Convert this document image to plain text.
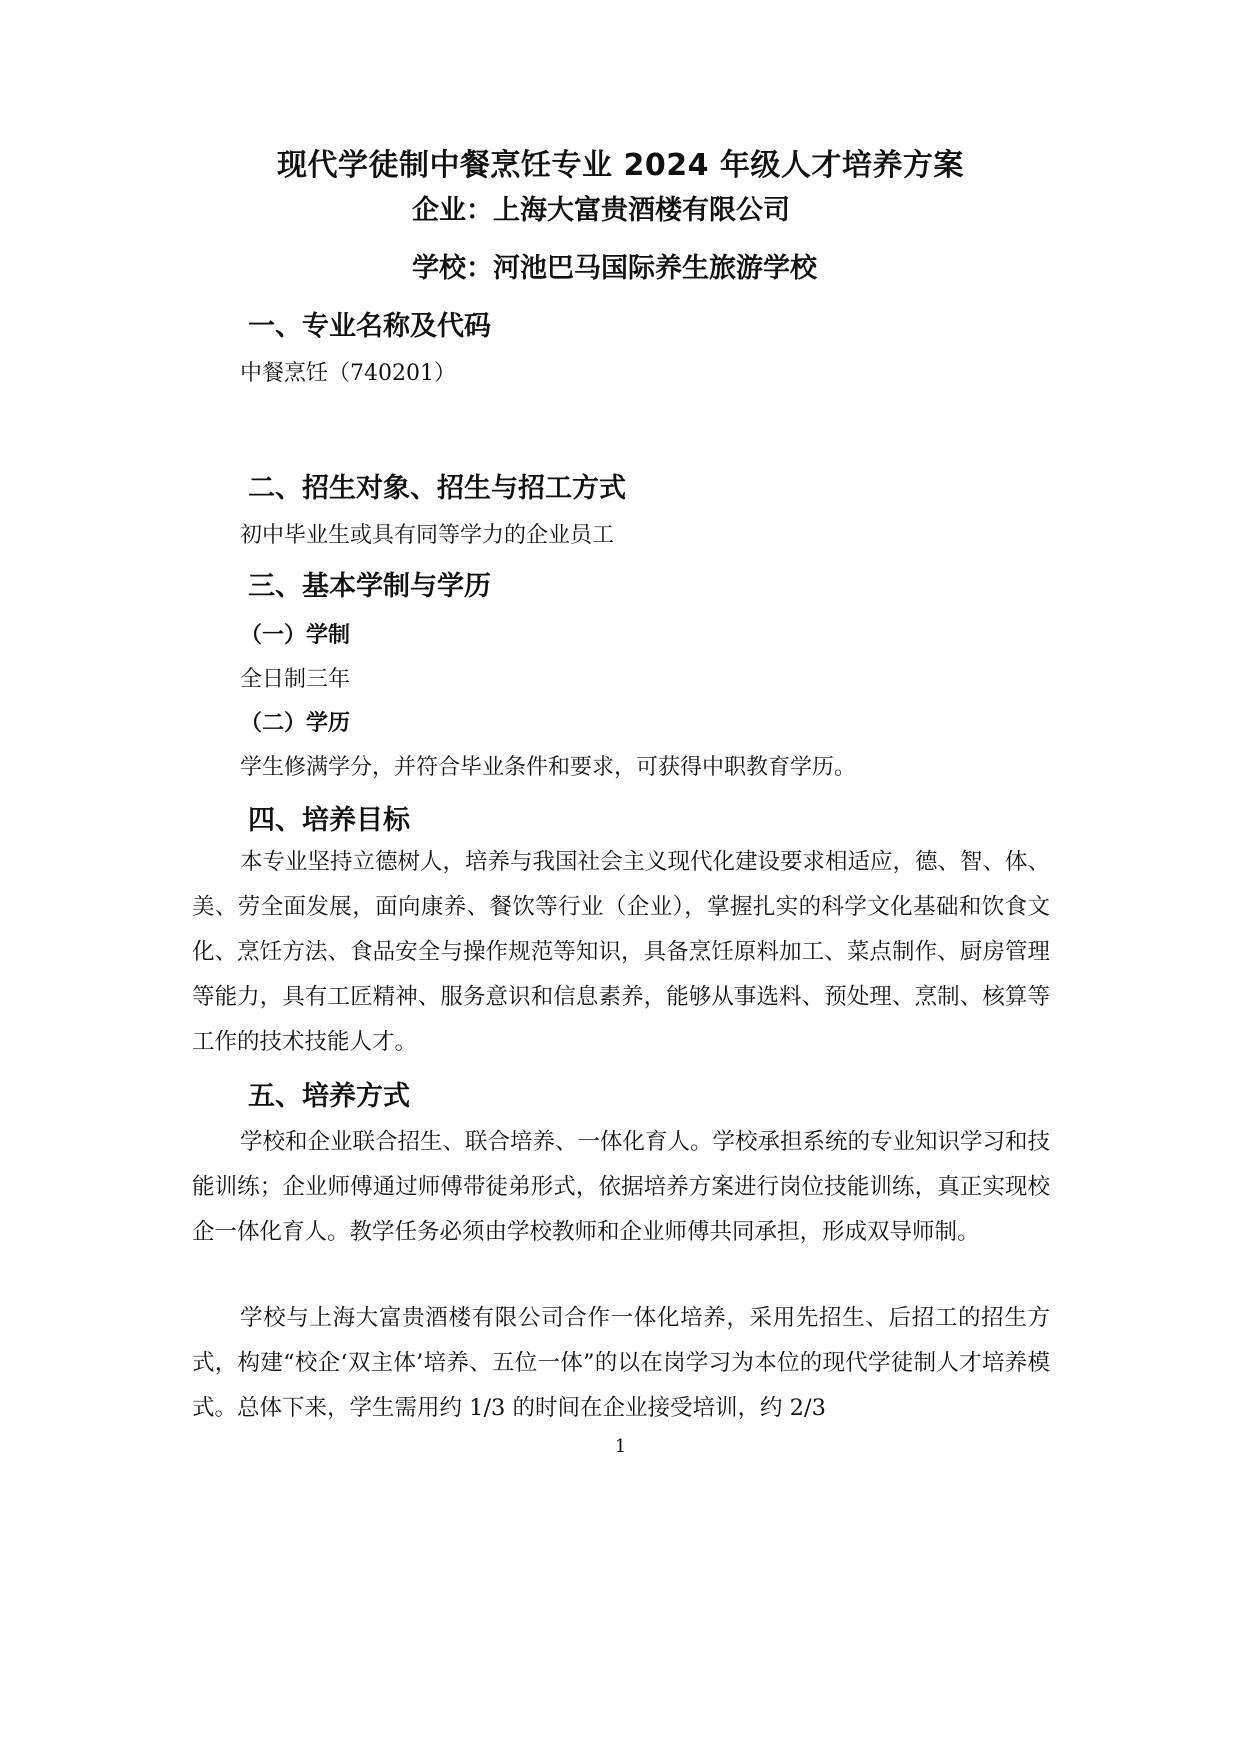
现代学徒制中餐烹饪专业 2024 年级人才培养方案
企业：上海大富贵酒楼有限公司
学校：河池巴马国际养生旅游学校
一、专业名称及代码
中餐烹饪（740201）
二、招生对象、招生与招工方式
初中毕业生或具有同等学力的企业员工
三、基本学制与学历
（一）学制
全日制三年
（二）学历
学生修满学分，并符合毕业条件和要求，可获得中职教育学历。
四、培养目标
本专业坚持立德树人，培养与我国社会主义现代化建设要求相适应，德、智、体、美、劳全面发展，面向康养、餐饮等行业（企业），掌握扎实的科学文化基础和饮食文化、烹饪方法、食品安全与操作规范等知识，具备烹饪原料加工、菜点制作、厨房管理等能力，具有工匠精神、服务意识和信息素养，能够从事选料、预处理、烹制、核算等工作的技术技能人才。
五、培养方式
学校和企业联合招生、联合培养、一体化育人。学校承担系统的专业知识学习和技能训练；企业师傅通过师傅带徒弟形式，依据培养方案进行岗位技能训练，真正实现校企一体化育人。教学任务必须由学校教师和企业师傅共同承担，形成双导师制。
学校与上海大富贵酒楼有限公司合作一体化培养，采用先招生、后招工的招生方式，构建“校企‘双主体’培养、五位一体”的以在岗学习为本位的现代学徒制人才培养模式。总体下来，学生需用约 1/3 的时间在企业接受培训，约 2/3
1
